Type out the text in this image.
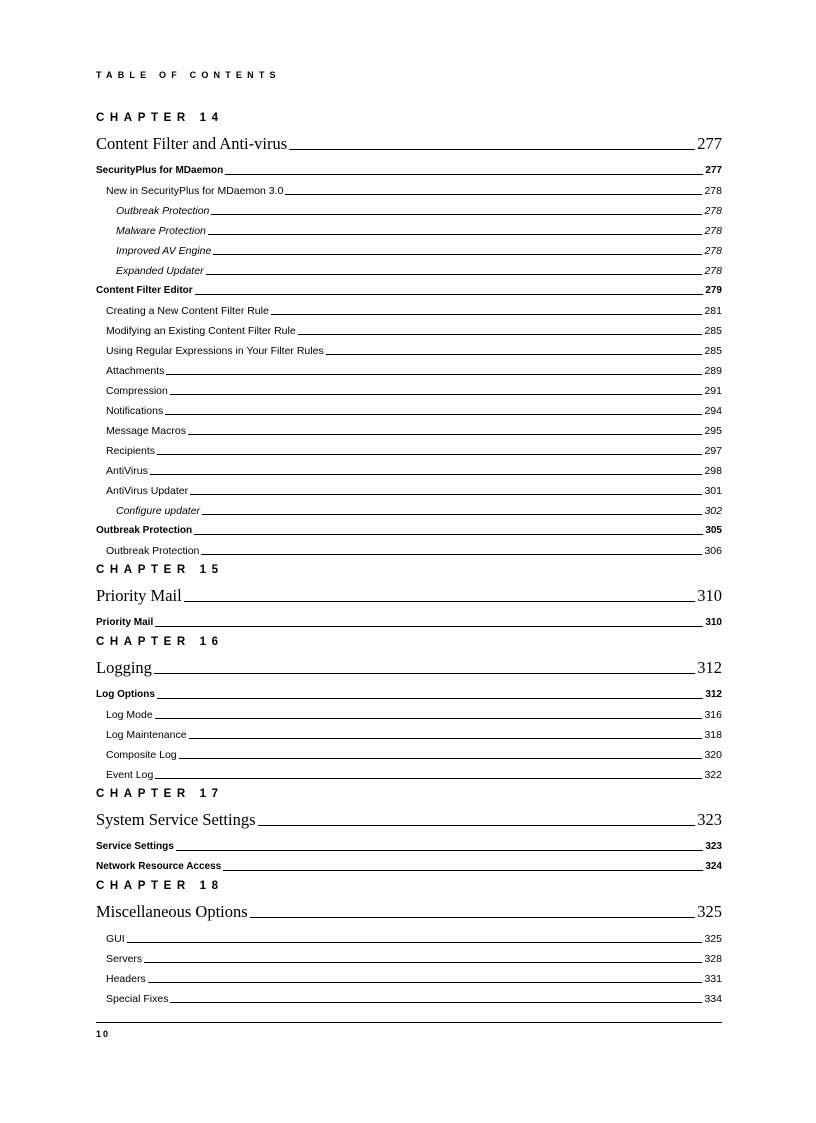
TABLE OF CONTENTS
CHAPTER 14
Content Filter and Anti-virus	277
SecurityPlus for MDaemon	277
New in SecurityPlus for MDaemon 3.0	278
Outbreak Protection	278
Malware Protection	278
Improved AV Engine	278
Expanded Updater	278
Content Filter Editor	279
Creating a New Content Filter Rule	281
Modifying an Existing Content Filter Rule	285
Using Regular Expressions in Your Filter Rules	285
Attachments	289
Compression	291
Notifications	294
Message Macros	295
Recipients	297
AntiVirus	298
AntiVirus Updater	301
Configure updater	302
Outbreak Protection	305
Outbreak Protection	306
CHAPTER 15
Priority Mail	310
Priority Mail	310
CHAPTER 16
Logging	312
Log Options	312
Log Mode	316
Log Maintenance	318
Composite Log	320
Event Log	322
CHAPTER 17
System Service Settings	323
Service Settings	323
Network Resource Access	324
CHAPTER 18
Miscellaneous Options	325
GUI	325
Servers	328
Headers	331
Special Fixes	334
10
